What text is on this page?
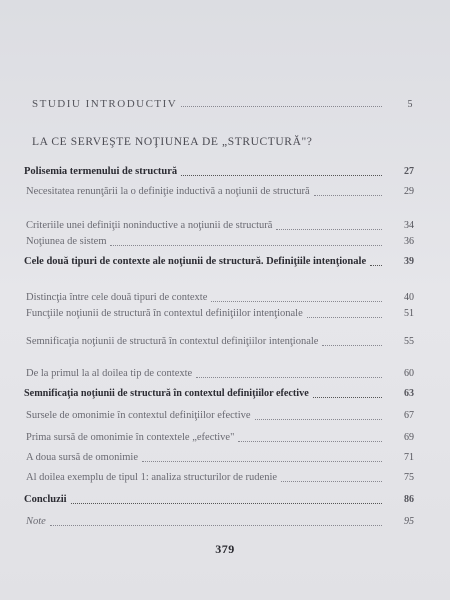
STUDIU INTRODUCTIV	5
LA CE SERVEŞTE NOŢIUNEA DE „STRUCTURĂ"?
Polisemia termenului de structură	27
Necesitatea renunţării la o definiţie inductivă a noţiunii de structură	29
Criteriile unei definiţii noninductive a noţiunii de structură	34
Noţiunea de sistem	36
Cele două tipuri de contexte ale noţiunii de structură. Definiţiile intenţionale	39
Distincţia între cele două tipuri de contexte	40
Funcţiile noţiunii de structură în contextul definiţiilor intenţionale	51
Semnificaţia noţiunii de structură în contextul definiţiilor intenţionale	55
De la primul la al doilea tip de contexte	60
Semnificaţia noţiunii de structură în contextul definiţiilor efective	63
Sursele de omonimie în contextul definiţiilor efective	67
Prima sursă de omonimie în contextele „efective"	69
A doua sursă de omonimie	71
Al doilea exemplu de tipul 1: analiza structurilor de rudenie	75
Concluzii	86
Note	95
379
